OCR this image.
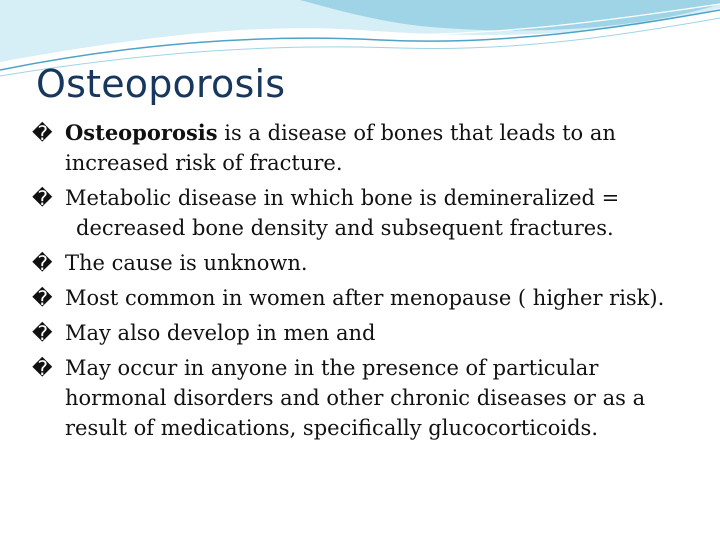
Osteoporosis
� Osteoporosis is a disease of bones that leads to an increased risk of fracture.
� Metabolic disease in which bone is demineralized =
decreased bone density and subsequent fractures.
� The cause is unknown.
� Most common in women after menopause ( higher risk).
� May also develop in men and
� May occur in anyone in the presence of particular hormonal disorders and other chronic diseases or as a result of medications, specifically glucocorticoids.
